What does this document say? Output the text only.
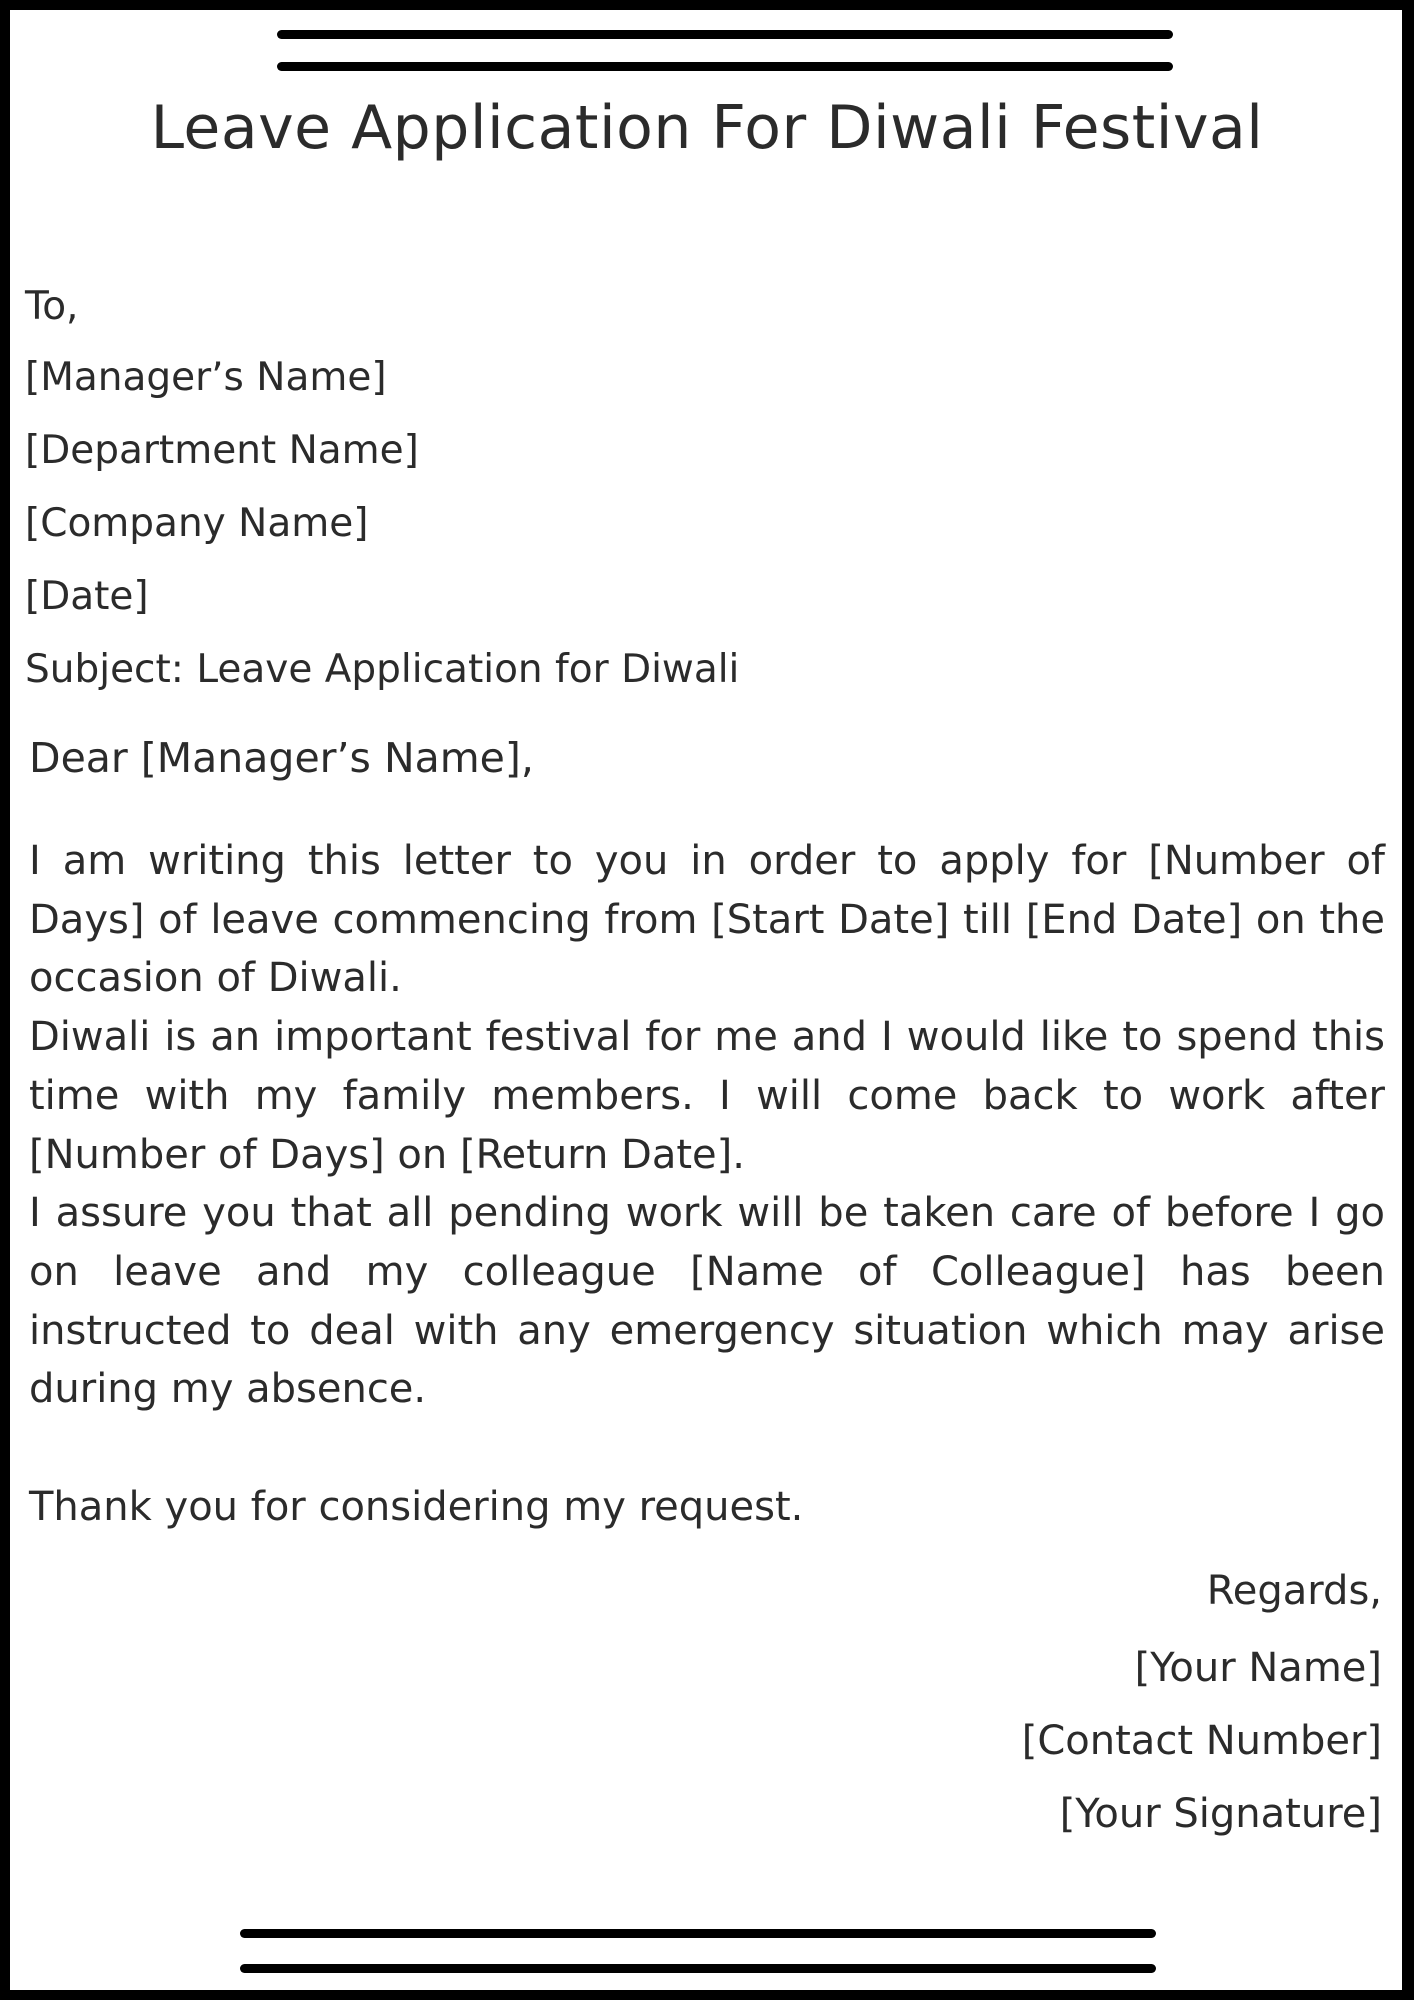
Leave Application For Diwali Festival

To,

[Manager’s Name]

[Department Name]

[Company Name]

[Date]

Subject: Leave Application for Diwali

Dear [Manager’s Name],

I am writing this letter to you in order to apply for [Number of Days] of leave commencing from [Start Date] till [End Date] on the occasion of Diwali.

Diwali is an important festival for me and I would like to spend this time with my family members. I will come back to work after [Number of Days] on [Return Date].

I assure you that all pending work will be taken care of before I go on leave and my colleague [Name of Colleague] has been instructed to deal with any emergency situation which may arise during my absence.

Thank you for considering my request.

Regards,

[Your Name]

[Contact Number]

[Your Signature]
